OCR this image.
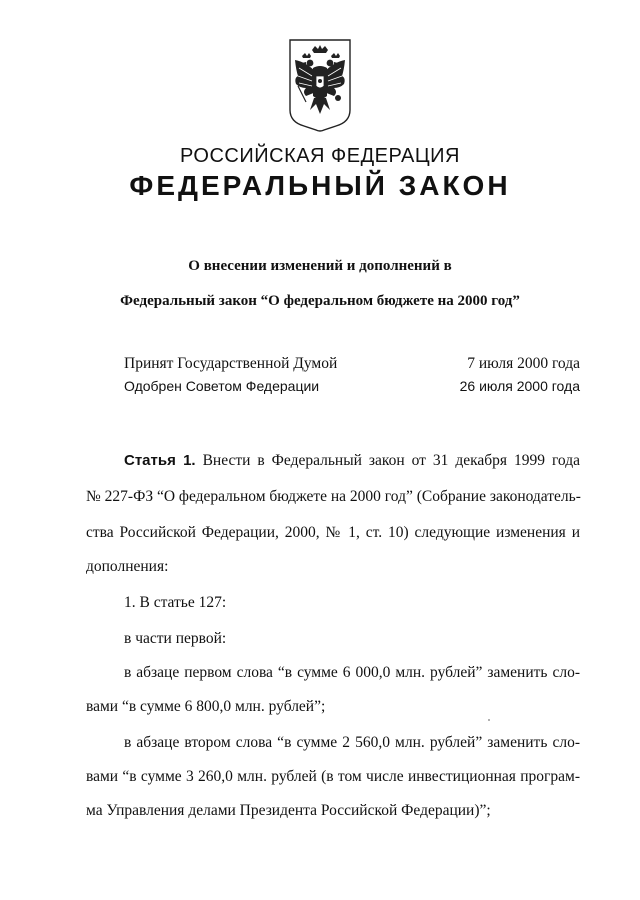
РОССИЙСКАЯ ФЕДЕРАЦИЯ
ФЕДЕРАЛЬНЫЙ ЗАКОН
О внесении изменений и дополнений в
Федеральный закон “О федеральном бюджете на 2000 год”
Принят Государственной Думой	7 июля 2000 года
Одобрен Советом Федерации	26 июля 2000 года
Статья 1. Внести в Федеральный закон от 31 декабря 1999 года
№ 227-ФЗ “О федеральном бюджете на 2000 год” (Собрание законодатель-
ства Российской Федерации, 2000, № 1, ст. 10) следующие изменения и
дополнения:
1. В статье 127:
в части первой:
в абзаце первом слова “в сумме 6 000,0 млн. рублей” заменить сло-
вами “в сумме 6 800,0 млн. рублей”;
в абзаце втором слова “в сумме 2 560,0 млн. рублей” заменить сло-
вами “в сумме 3 260,0 млн. рублей (в том числе инвестиционная програм-
ма Управления делами Президента Российской Федерации)”;
